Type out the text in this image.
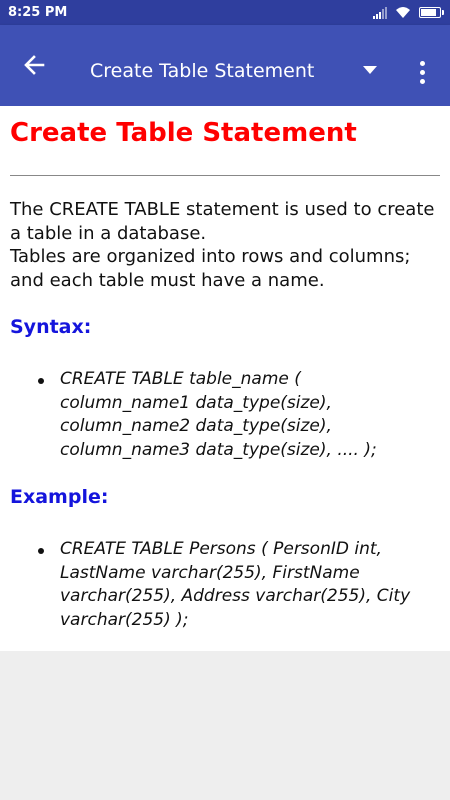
8:25 PM
Create Table Statement
Create Table Statement
The CREATE TABLE statement is used to create
a table in a database.
Tables are organized into rows and columns;
and each table must have a name.
Syntax:
CREATE TABLE table_name (
column_name1 data_type(size),
column_name2 data_type(size),
column_name3 data_type(size), .... );
Example:
CREATE TABLE Persons ( PersonID int,
LastName varchar(255), FirstName
varchar(255), Address varchar(255), City
varchar(255) );
